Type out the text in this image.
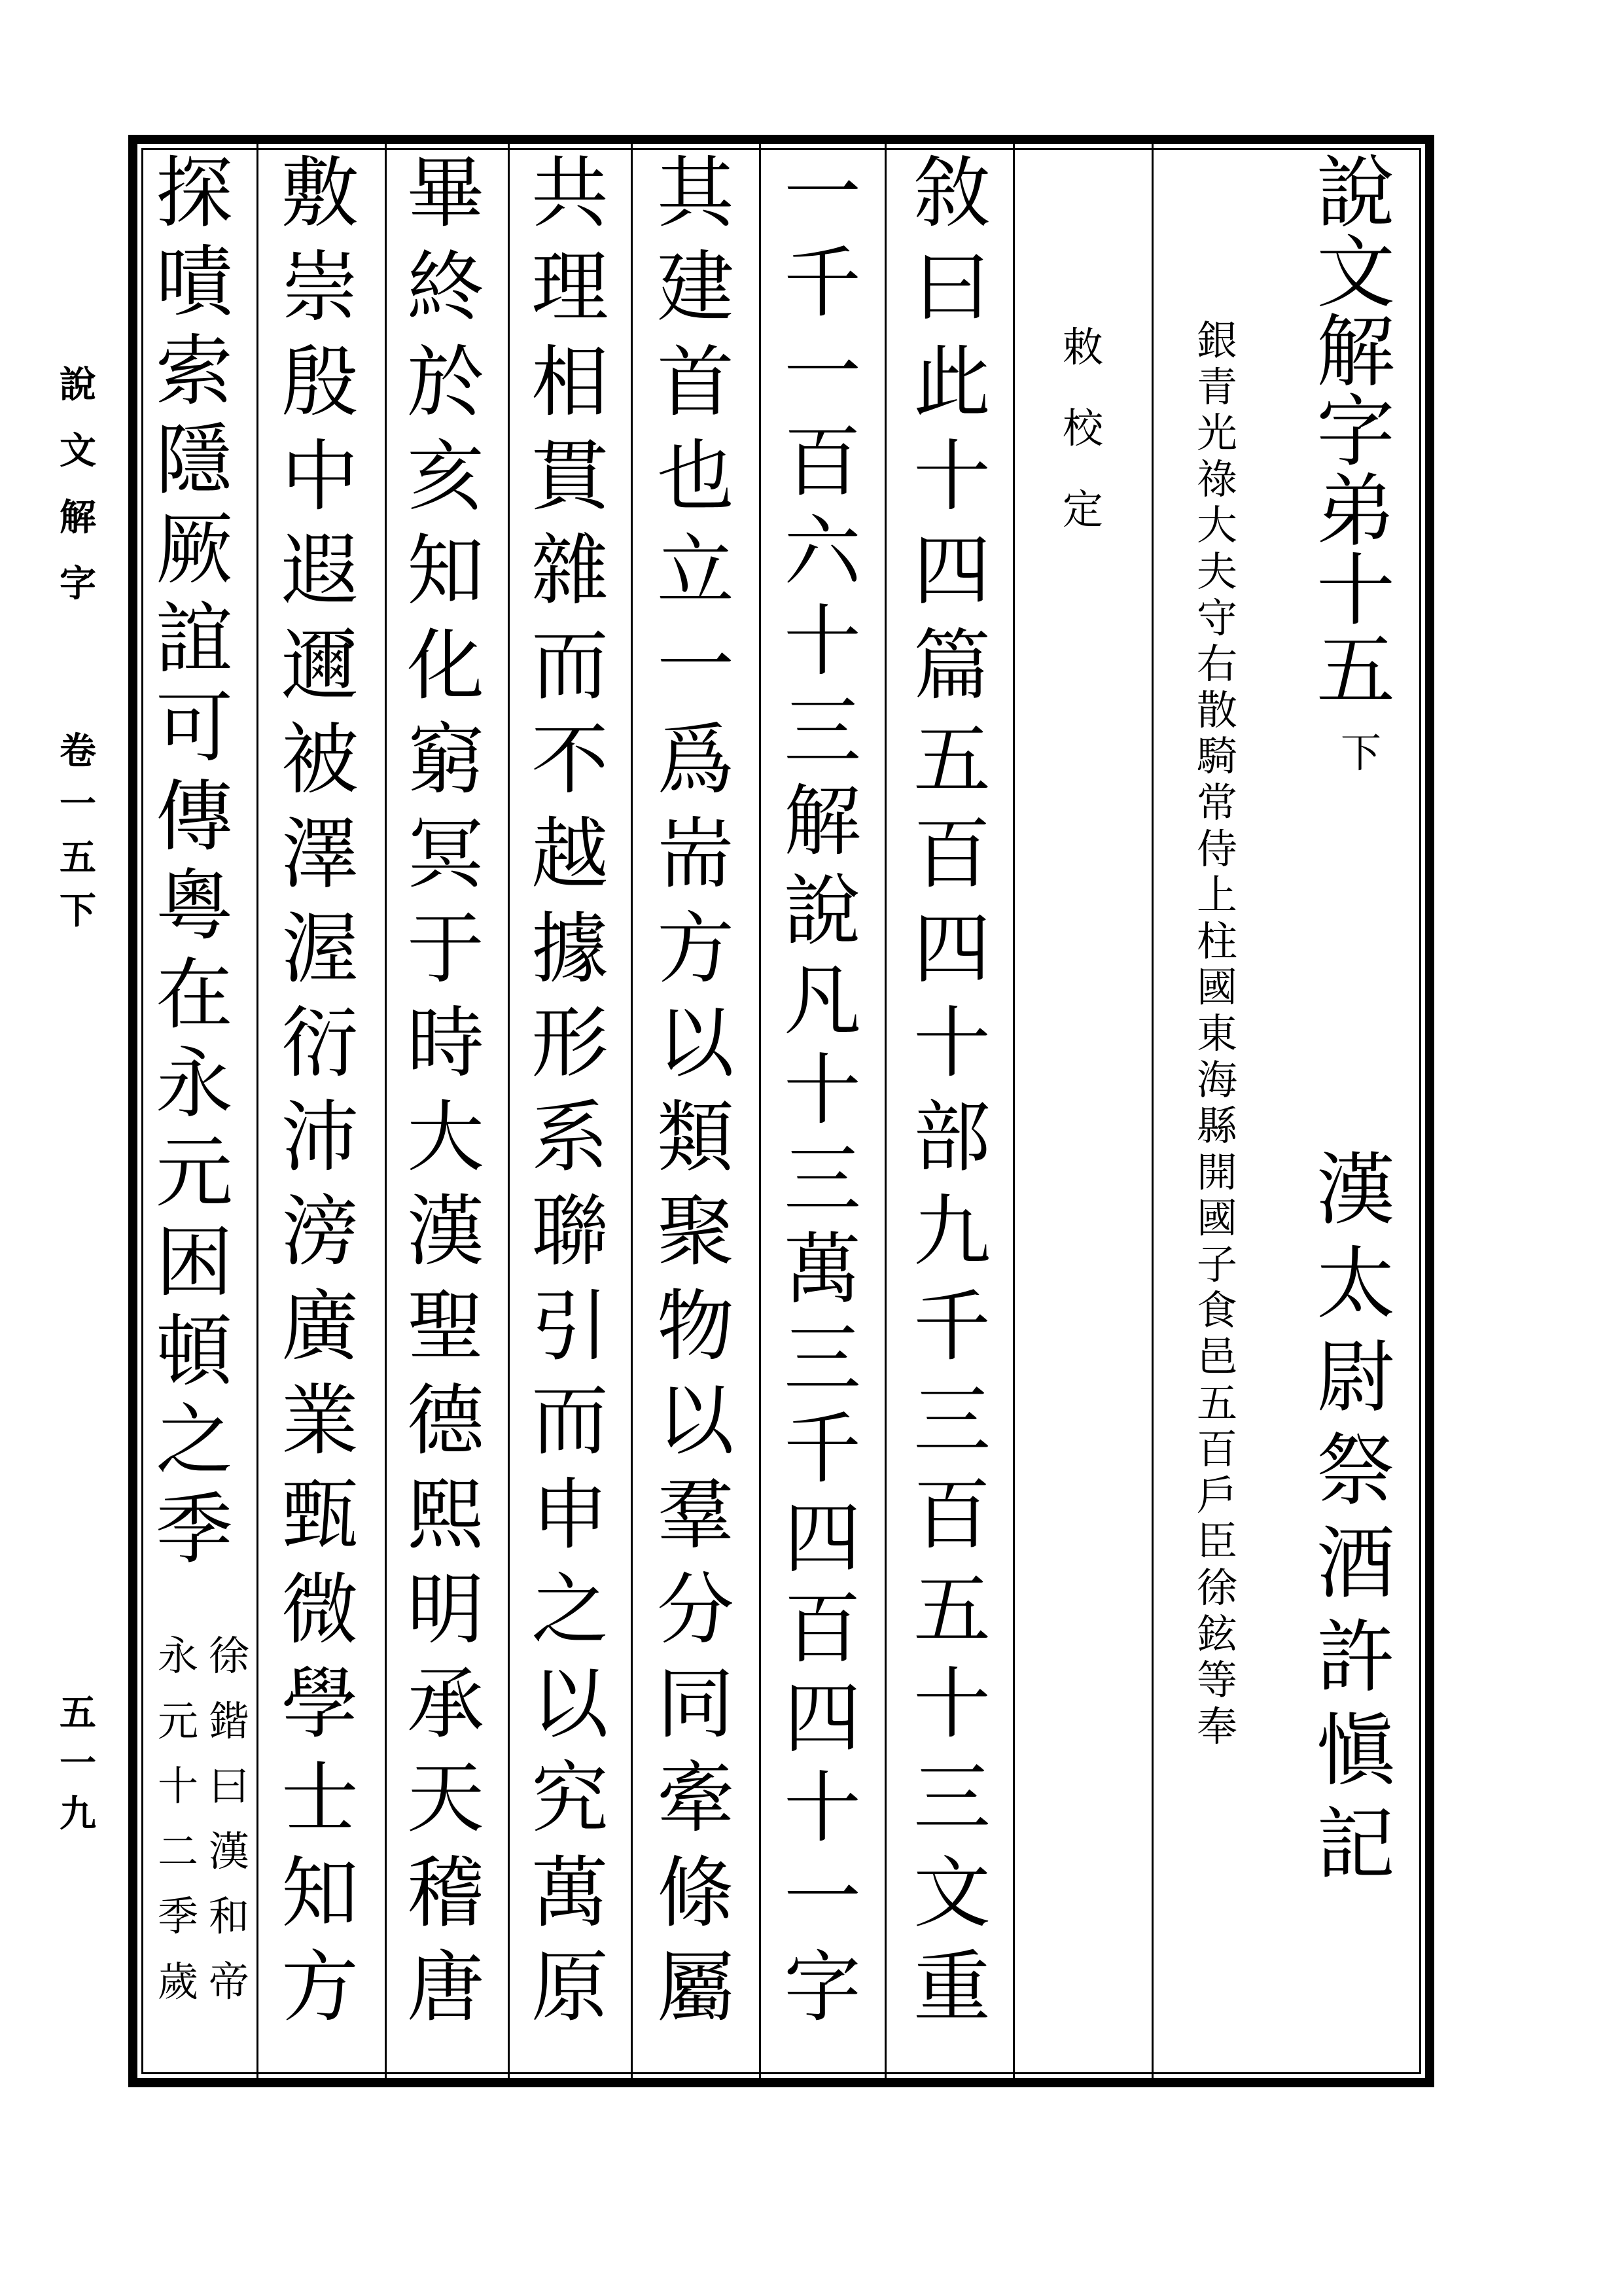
說
文
解
字
卷
一
五
下
五
一
九
說
文
解
字
弟
十
五
下
漢
太
尉
祭
酒
許
愼
記
銀
青
光
祿
大
夫
守
右
散
騎
常
侍
上
柱
國
東
海
縣
開
國
子
食
邑
五
百
戶
臣
徐
鉉
等
奉
敕
校
定
敘
曰
此
十
四
篇
五
百
四
十
部
九
千
三
百
五
十
三
文
重
一
千
一
百
六
十
三
解
說
凡
十
三
萬
三
千
四
百
四
十
一
字
其
建
首
也
立
一
爲
耑
方
以
類
聚
物
以
羣
分
同
牽
條
屬
共
理
相
貫
雜
而
不
越
據
形
系
聯
引
而
申
之
以
究
萬
原
畢
終
於
亥
知
化
窮
冥
于
時
大
漢
聖
德
熙
明
承
天
稽
唐
敷
崇
殷
中
遐
邇
被
澤
渥
衍
沛
滂
廣
業
甄
微
學
士
知
方
探
嘖
索
隱
厥
誼
可
傳
粵
在
永
元
困
頓
之
季
徐
鍇
曰
漢
和
帝
永
元
十
二
季
歲
